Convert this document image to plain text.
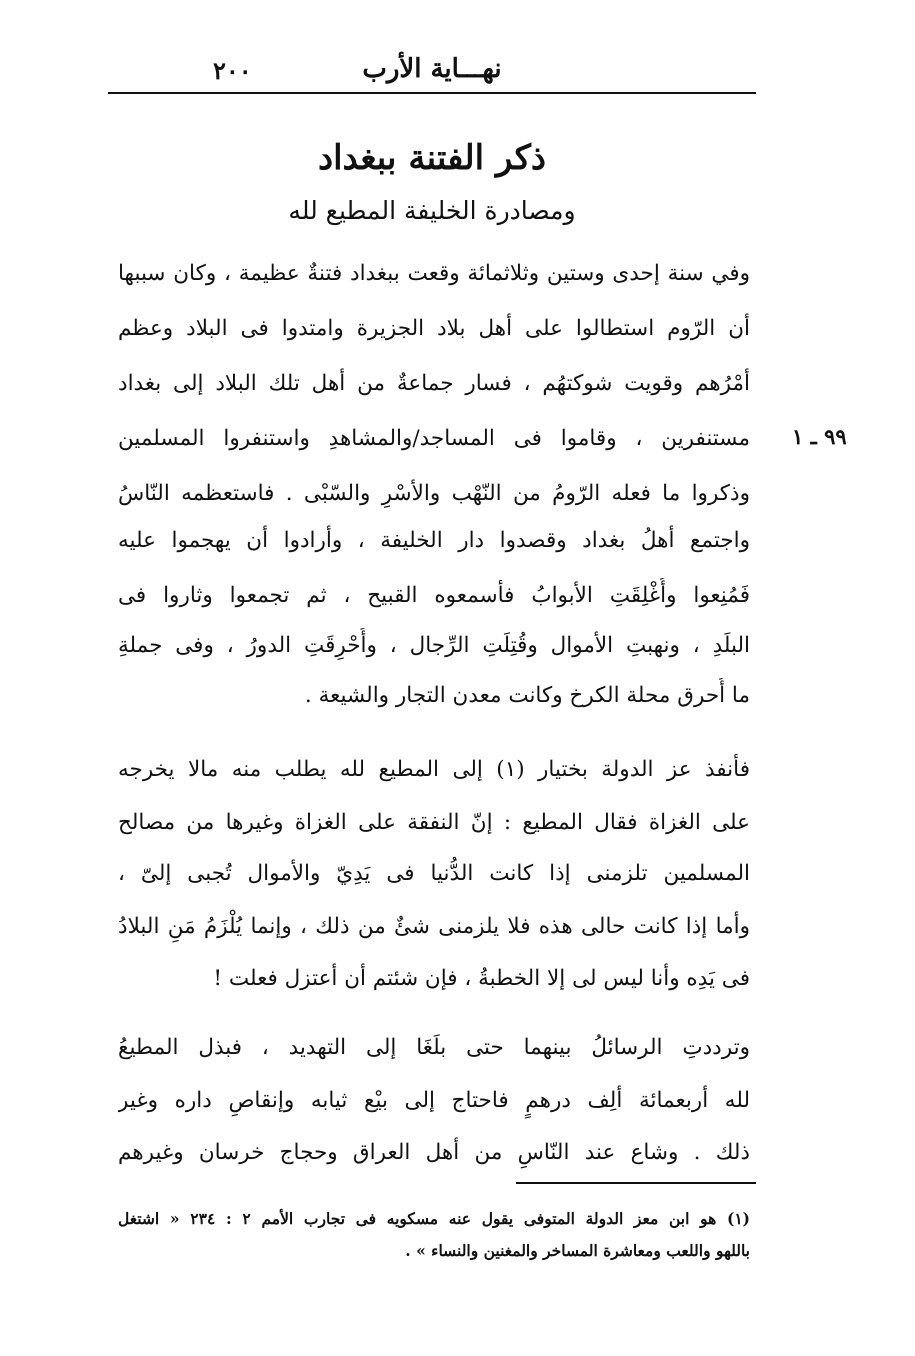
نهـــاية الأرب
٢٠٠
ذكر الفتنة ببغداد
ومصادرة الخليفة المطيع لله
٩٩ ـ ١
وفي سنة إحدى وستين وثلاثمائة وقعت ببغداد فتنةٌ عظيمة ، وكان سببها
أن الرّوم استطالوا على أهل بلاد الجزيرة وامتدوا فى البلاد وعظم
أمْرُهم وقويت شوكتهُم ، فسار جماعةٌ من أهل تلك البلاد إلى بغداد
مستنفرين ، وقاموا فى المساجد/والمشاهدِ واستنفروا المسلمين
وذكروا ما فعله الرّومُ من النّهْب والأسْرِ والسّبْى . فاستعظمه النّاسُ
واجتمع أهلُ بغداد وقصدوا دار الخليفة ، وأرادوا أن يهجموا عليه
فَمُنِعوا وأُغْلِقَتِ الأبوابُ فأسمعوه القبيح ، ثم تجمعوا وثاروا فى
البلَدِ ، ونهبتِ الأموال وقُتِلَتِ الرِّجال ، وأُحْرِقَتِ الدورُ ، وفى جملةِ
ما أُحرق محلة الكرخ وكانت معدن التجار والشيعة .
فأنفذ عز الدولة بختيار (١) إلى المطيع لله يطلب منه مالا يخرجه
على الغزاة فقال المطيع : إنّ النفقة على الغزاة وغيرها من مصالح
المسلمين تلزمنى إذا كانت الدُّنيا فى يَدِيّ والأموال تُجبى إلىّ ،
وأما إذا كانت حالى هذه فلا يلزمنى شئٌ من ذلك ، وإنما يُلْزَمُ مَنِ البلادُ
فى يَدِه وأنا ليس لى إلا الخطبةُ ، فإن شئتم أن أعتزل فعلت !
وترددتِ الرسائلُ بينهما حتى بلَغَا إلى التهديد ، فبذل المطيعُ
لله أربعمائة ألِف درهمٍ فاحتاج إلى بيْع ثيابه وإنقاصِ داره وغير
ذلك . وشاع عند النّاسِ من أهل العراق وحجاج خرسان وغيرهم
(١) هو ابن معز الدولة المتوفى يقول عنه مسكويه فى تجارب الأمم ٢ : ٢٣٤ « اشتغل
باللهو واللعب ومعاشرة المساخر والمغنين والنساء » .
